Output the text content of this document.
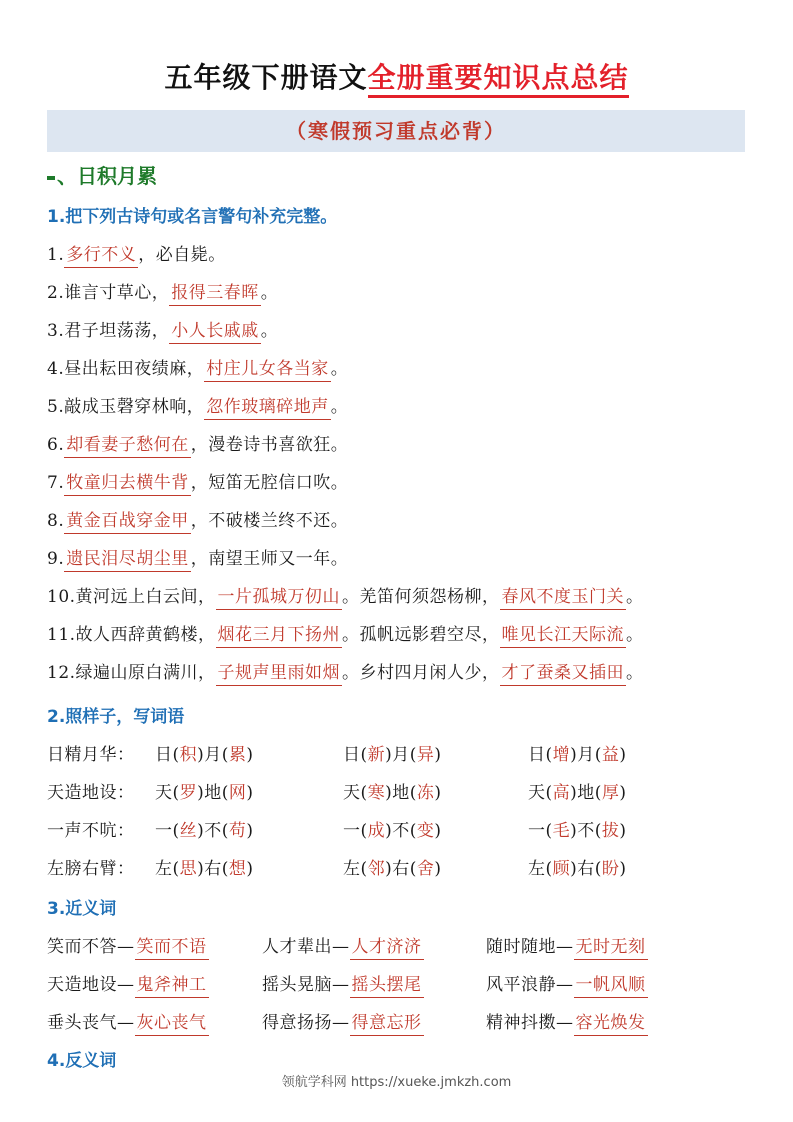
五年级下册语文全册重要知识点总结
（寒假预习重点必背）
、日积月累
1.把下列古诗句或名言警句补充完整。
1. 多行不义 ，必自毙。
2.谁言寸草心， 报得三春晖 。
3.君子坦荡荡， 小人长戚戚 。
4.昼出耘田夜绩麻， 村庄儿女各当家 。
5.敲成玉磬穿林响， 忽作玻璃碎地声 。
6. 却看妻子愁何在 ，漫卷诗书喜欲狂。
7. 牧童归去横牛背 ，短笛无腔信口吹。
8. 黄金百战穿金甲 ，不破楼兰终不还。
9. 遗民泪尽胡尘里 ，南望王师又一年。
10.黄河远上白云间， 一片孤城万仞山 。羌笛何须怨杨柳， 春风不度玉门关 。
11.故人西辞黄鹤楼， 烟花三月下扬州 。孤帆远影碧空尽， 唯见长江天际流 。
12.绿遍山原白满川， 子规声里雨如烟 。乡村四月闲人少， 才了蚕桑又插田 。
2.照样子，写词语
日精月华： 日(积)月(累)	日(新)月(异)	日(增)月(益)
天造地设： 天(罗)地(网)	天(寒)地(冻)	天(高)地(厚)
一声不吭： 一(丝)不(苟)	一(成)不(变)	一(毛)不(拔)
左膀右臂： 左(思)右(想)	左(邻)右(舍)	左(顾)右(盼)
3.近义词
笑而不答— 笑而不语	人才辈出— 人才济济	随时随地— 无时无刻
天造地设— 鬼斧神工	摇头晃脑— 摇头摆尾	风平浪静— 一帆风顺
垂头丧气— 灰心丧气	得意扬扬— 得意忘形	精神抖擞— 容光焕发
4.反义词
领航学科网 https://xueke.jmkzh.com
